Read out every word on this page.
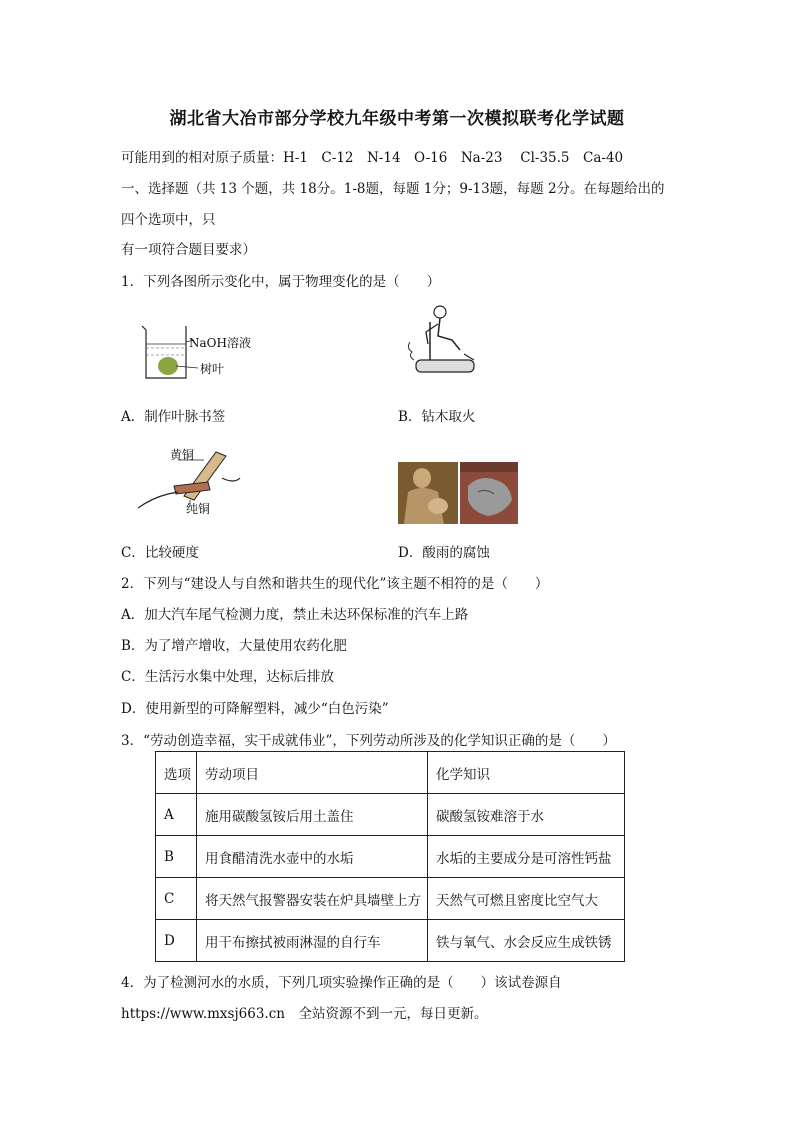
湖北省大冶市部分学校九年级中考第一次模拟联考化学试题
可能用到的相对原子质量：H-1　C-12　N-14　O-16　Na-23　 Cl-35.5　Ca-40
一、选择题（共 13 个题，共 18分。1-8题，每题 1分；9-13题，每题 2分。在每题给出的
四个选项中，只
有一项符合题目要求）
1．下列各图所示变化中，属于物理变化的是（　　）
NaOH溶液
树叶
A．制作叶脉书签	B．钻木取火
黄铜
纯铜
C．比较硬度	D．酸雨的腐蚀
2．下列与“建设人与自然和谐共生的现代化”该主题不相符的是（　　）
A．加大汽车尾气检测力度，禁止未达环保标准的汽车上路
B．为了增产增收，大量使用农药化肥
C．生活污水集中处理，达标后排放
D．使用新型的可降解塑料，减少“白色污染”
3．“劳动创造幸福，实干成就伟业”，下列劳动所涉及的化学知识正确的是（　　）
选项	劳动项目	化学知识
A	施用碳酸氢铵后用土盖住	碳酸氢铵难溶于水
B	用食醋清洗水壶中的水垢	水垢的主要成分是可溶性钙盐
C	将天然气报警器安装在炉具墙壁上方	天然气可燃且密度比空气大
D	用干布擦拭被雨淋湿的自行车	铁与氧气、水会反应生成铁锈
4．为了检测河水的水质，下列几项实验操作正确的是（　　）该试卷源自
https://www.mxsj663.cn　全站资源不到一元，每日更新。
